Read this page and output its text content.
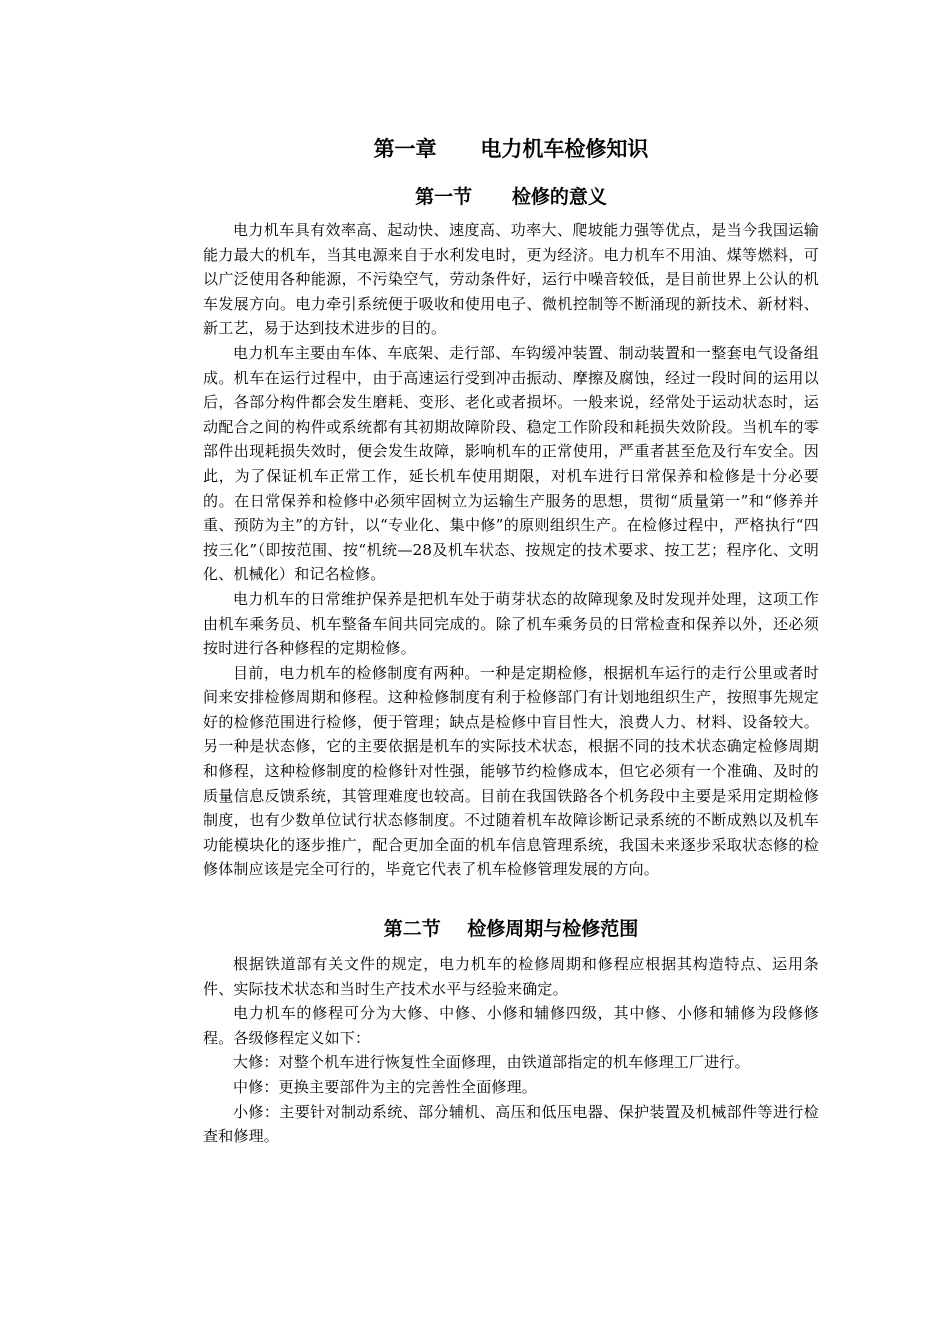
第一章      电力机车检修知识
第一节      检修的意义

电力机车具有效率高、起动快、速度高、功率大、爬坡能力强等优点，是当今我国运输能力最大的机车，当其电源来自于水利发电时，更为经济。电力机车不用油、煤等燃料，可以广泛使用各种能源，不污染空气，劳动条件好，运行中噪音较低，是目前世界上公认的机车发展方向。电力牵引系统便于吸收和使用电子、微机控制等不断涌现的新技术、新材料、新工艺，易于达到技术进步的目的。

电力机车主要由车体、车底架、走行部、车钩缓冲装置、制动装置和一整套电气设备组成。机车在运行过程中，由于高速运行受到冲击振动、摩擦及腐蚀，经过一段时间的运用以后，各部分构件都会发生磨耗、变形、老化或者损坏。一般来说，经常处于运动状态时，运动配合之间的构件或系统都有其初期故障阶段、稳定工作阶段和耗损失效阶段。当机车的零部件出现耗损失效时，便会发生故障，影响机车的正常使用，严重者甚至危及行车安全。因此，为了保证机车正常工作，延长机车使用期限，对机车进行日常保养和检修是十分必要的。在日常保养和检修中必须牢固树立为运输生产服务的思想，贯彻“质量第一”和“修养并重、预防为主”的方针，以“专业化、集中修”的原则组织生产。在检修过程中，严格执行“四按三化”（即按范围、按“机统—28及机车状态、按规定的技术要求、按工艺；程序化、文明化、机械化）和记名检修。

电力机车的日常维护保养是把机车处于萌芽状态的故障现象及时发现并处理，这项工作由机车乘务员、机车整备车间共同完成的。除了机车乘务员的日常检查和保养以外，还必须按时进行各种修程的定期检修。

目前，电力机车的检修制度有两种。一种是定期检修，根据机车运行的走行公里或者时间来安排检修周期和修程。这种检修制度有利于检修部门有计划地组织生产，按照事先规定好的检修范围进行检修，便于管理；缺点是检修中盲目性大，浪费人力、材料、设备较大。另一种是状态修，它的主要依据是机车的实际技术状态，根据不同的技术状态确定检修周期和修程，这种检修制度的检修针对性强，能够节约检修成本，但它必须有一个准确、及时的质量信息反馈系统，其管理难度也较高。目前在我国铁路各个机务段中主要是采用定期检修制度，也有少数单位试行状态修制度。不过随着机车故障诊断记录系统的不断成熟以及机车功能模块化的逐步推广，配合更加全面的机车信息管理系统，我国未来逐步采取状态修的检修体制应该是完全可行的，毕竟它代表了机车检修管理发展的方向。

第二节    检修周期与检修范围

根据铁道部有关文件的规定，电力机车的检修周期和修程应根据其构造特点、运用条件、实际技术状态和当时生产技术水平与经验来确定。

电力机车的修程可分为大修、中修、小修和辅修四级，其中修、小修和辅修为段修修程。各级修程定义如下：

大修：对整个机车进行恢复性全面修理，由铁道部指定的机车修理工厂进行。

中修：更换主要部件为主的完善性全面修理。

小修：主要针对制动系统、部分辅机、高压和低压电器、保护装置及机械部件等进行检查和修理。
